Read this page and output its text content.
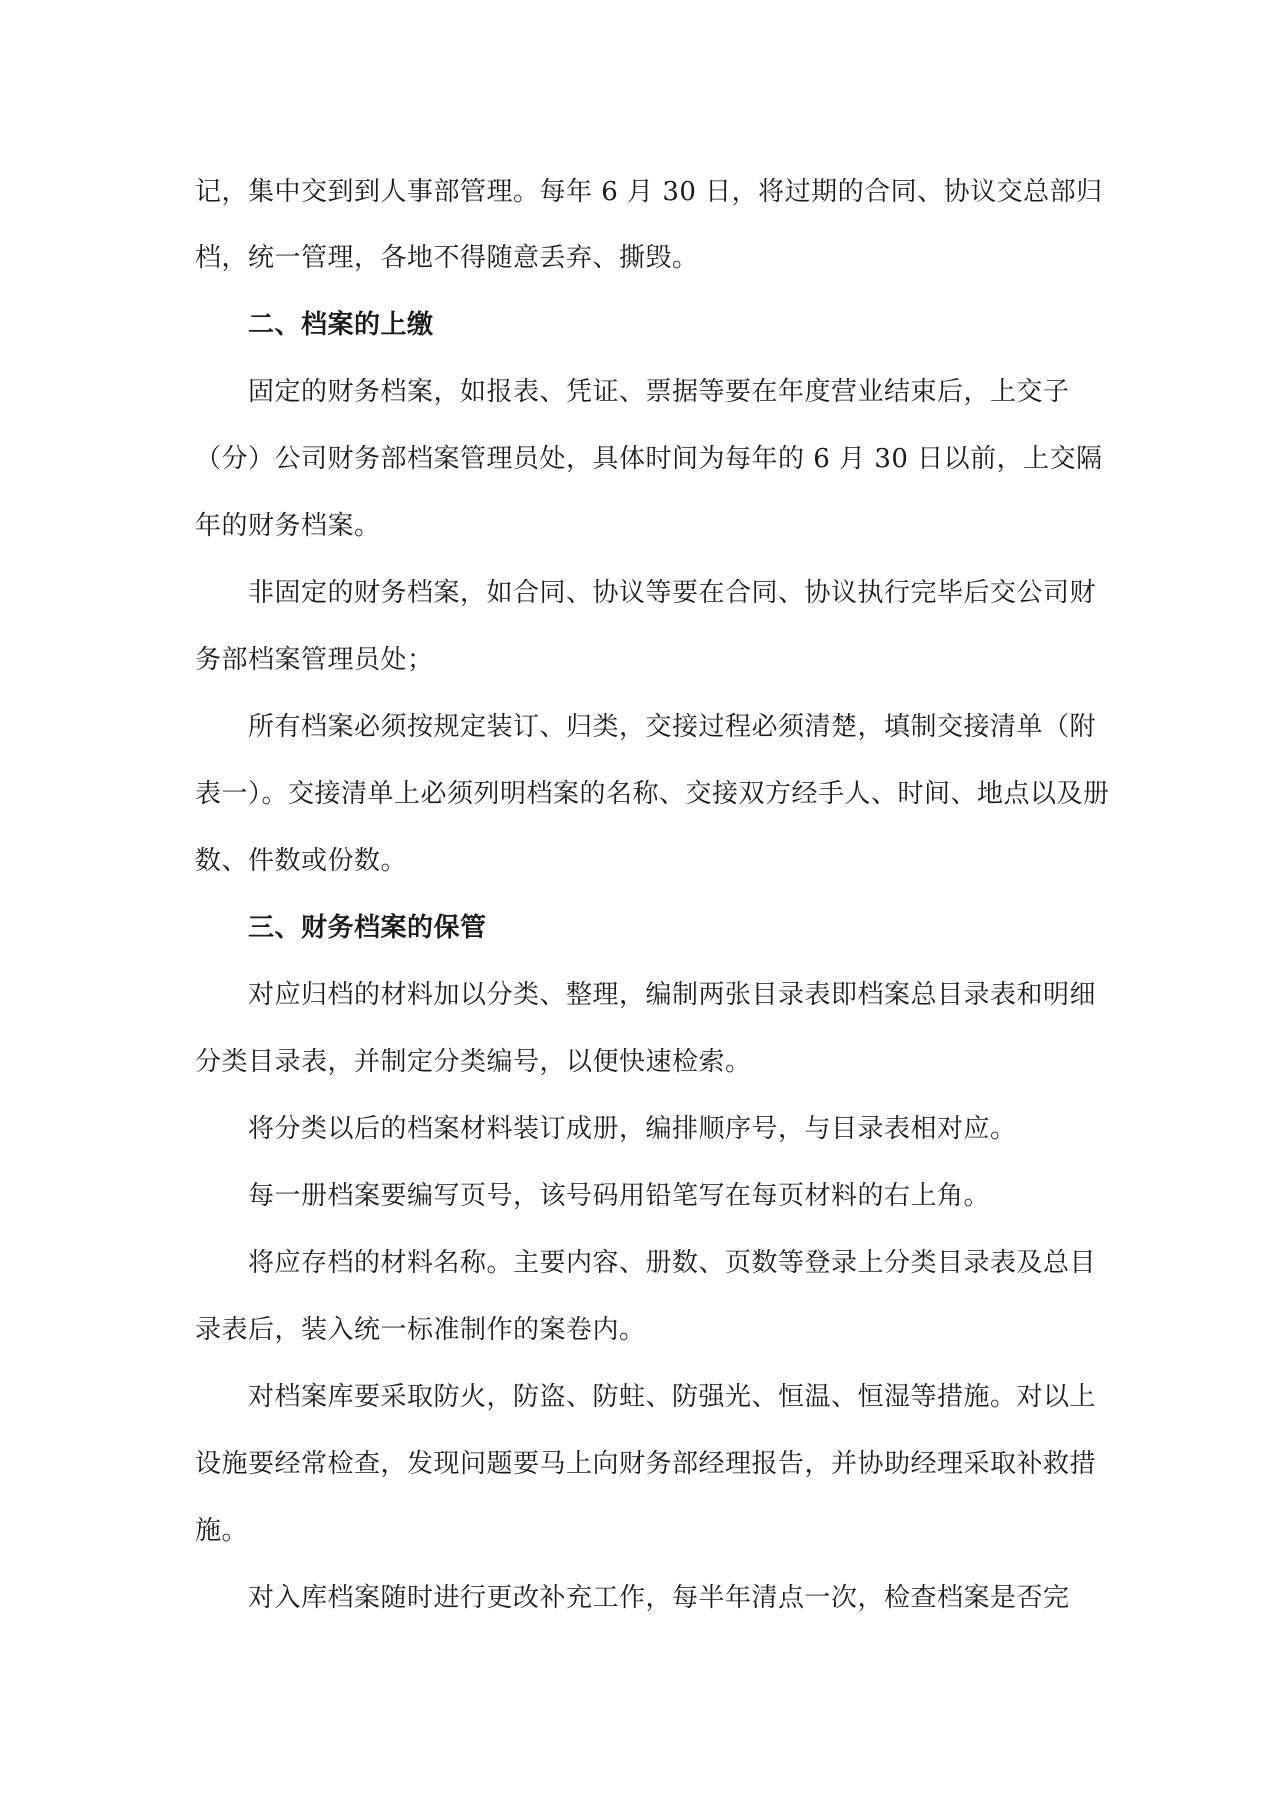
记，集中交到到人事部管理。每年 6 月 30 日，将过期的合同、协议交总部归
档，统一管理，各地不得随意丢弃、撕毁。
二、档案的上缴
固定的财务档案，如报表、凭证、票据等要在年度营业结束后，上交子
（分）公司财务部档案管理员处，具体时间为每年的 6 月 30 日以前，上交隔
年的财务档案。
非固定的财务档案，如合同、协议等要在合同、协议执行完毕后交公司财
务部档案管理员处；
所有档案必须按规定装订、归类，交接过程必须清楚，填制交接清单（附
表一）。交接清单上必须列明档案的名称、交接双方经手人、时间、地点以及册
数、件数或份数。
三、财务档案的保管
对应归档的材料加以分类、整理，编制两张目录表即档案总目录表和明细
分类目录表，并制定分类编号，以便快速检索。
将分类以后的档案材料装订成册，编排顺序号，与目录表相对应。
每一册档案要编写页号，该号码用铅笔写在每页材料的右上角。
将应存档的材料名称。主要内容、册数、页数等登录上分类目录表及总目
录表后，装入统一标准制作的案卷内。
对档案库要采取防火，防盗、防蛀、防强光、恒温、恒湿等措施。对以上
设施要经常检查，发现问题要马上向财务部经理报告，并协助经理采取补救措
施。
对入库档案随时进行更改补充工作，每半年清点一次，检查档案是否完
